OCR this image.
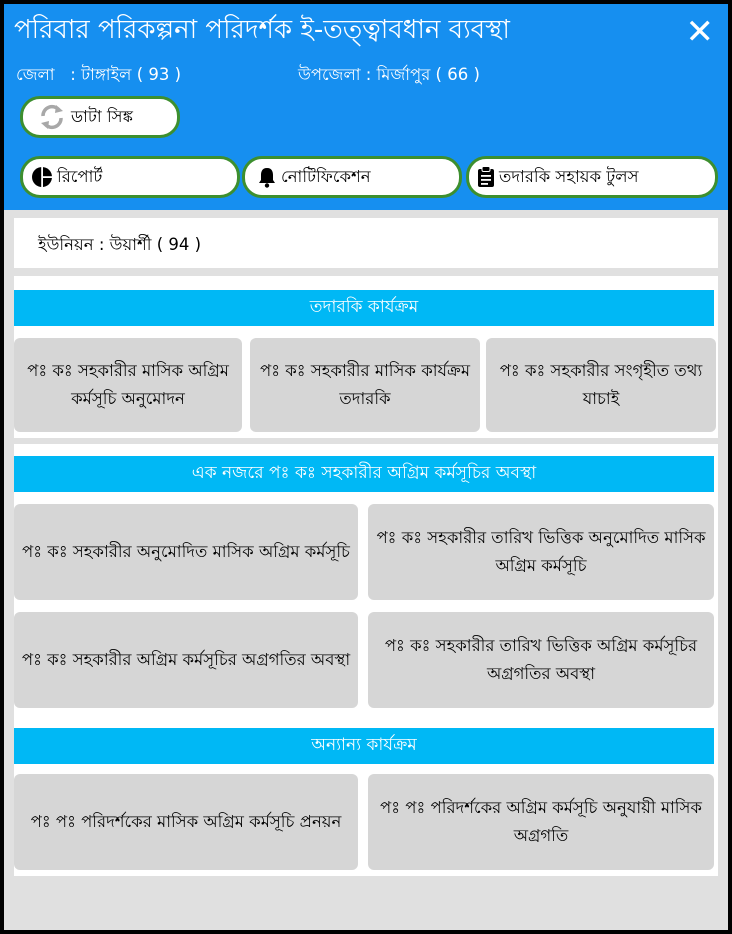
পরিবার পরিকল্পনা পরিদর্শক ই-তত্ত্বাবধান ব্যবস্থা	✕
জেলা   : টাঙ্গাইল ( 93 )	উপজেলা : মির্জাপুর ( 66 )
ডাটা সিঙ্ক
রিপোর্ট	নোটিফিকেশন	তদারকি সহায়ক টুলস
ইউনিয়ন : উয়ার্শী ( 94 )
তদারকি কার্যক্রম
পঃ কঃ সহকারীর মাসিক অগ্রিম কর্মসূচি অনুমোদন
পঃ কঃ সহকারীর মাসিক কার্যক্রম তদারকি
পঃ কঃ সহকারীর সংগৃহীত তথ্য যাচাই
এক নজরে পঃ কঃ সহকারীর অগ্রিম কর্মসূচির অবস্থা
পঃ কঃ সহকারীর অনুমোদিত মাসিক অগ্রিম কর্মসূচি
পঃ কঃ সহকারীর তারিখ ভিত্তিক অনুমোদিত মাসিক অগ্রিম কর্মসূচি
পঃ কঃ সহকারীর অগ্রিম কর্মসূচির অগ্রগতির অবস্থা
পঃ কঃ সহকারীর তারিখ ভিত্তিক অগ্রিম কর্মসূচির অগ্রগতির অবস্থা
অন্যান্য কার্যক্রম
পঃ পঃ পরিদর্শকের মাসিক অগ্রিম কর্মসূচি প্রনয়ন
পঃ পঃ পরিদর্শকের অগ্রিম কর্মসূচি অনুযায়ী মাসিক অগ্রগতি
